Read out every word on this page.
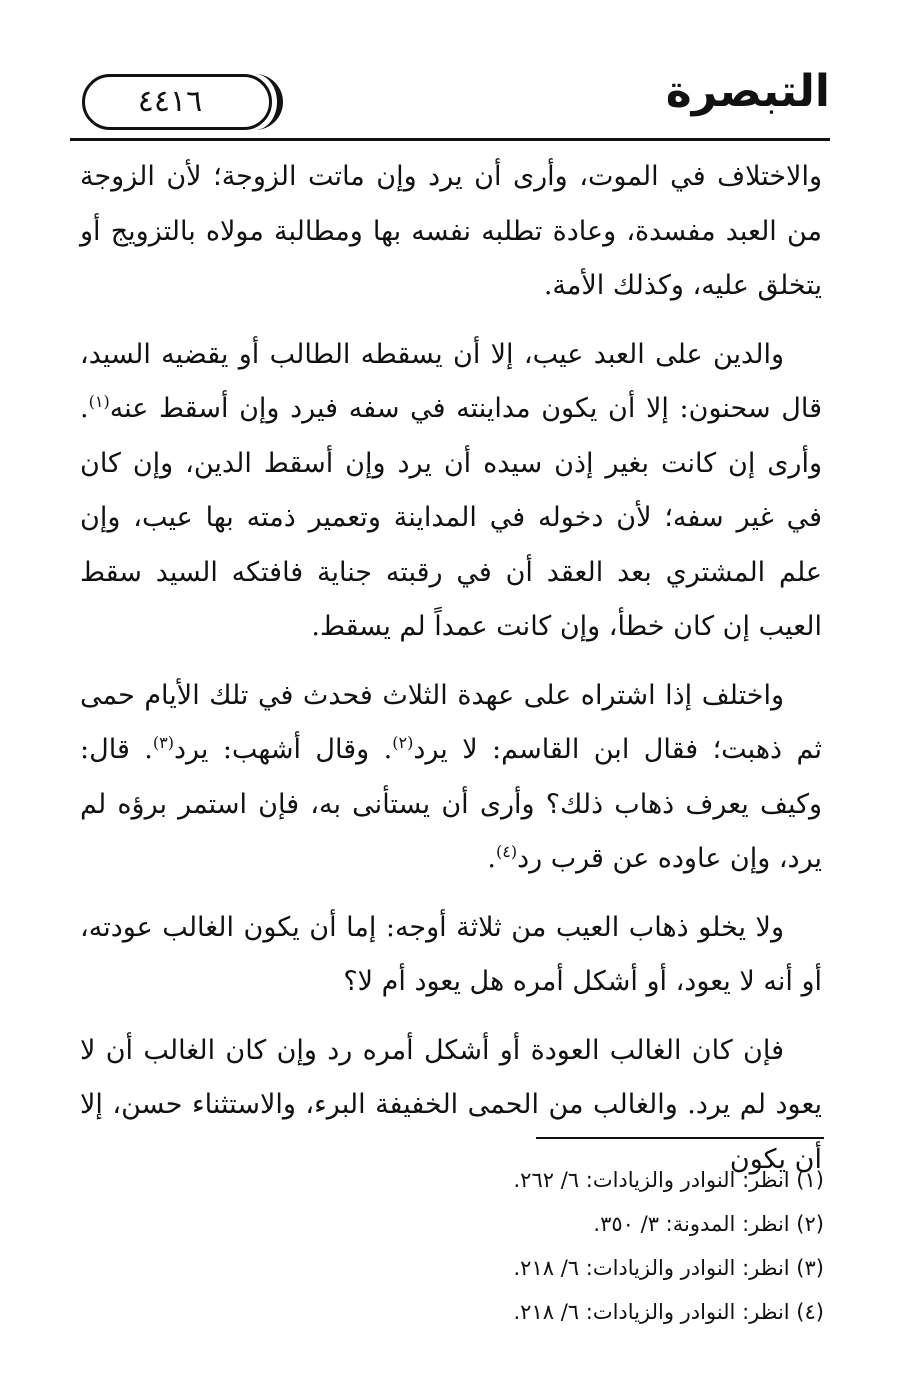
التبصرة
٤٤١٦

والاختلاف في الموت، وأرى أن يرد وإن ماتت الزوجة؛ لأن الزوجة من العبد مفسدة، وعادة تطلبه نفسه بها ومطالبة مولاه بالتزويج أو يتخلق عليه، وكذلك الأمة.

والدين على العبد عيب، إلا أن يسقطه الطالب أو يقضيه السيد، قال سحنون: إلا أن يكون مداينته في سفه فيرد وإن أسقط عنه$^{(١)}$. وأرى إن كانت بغير إذن سيده أن يرد وإن أسقط الدين، وإن كان في غير سفه؛ لأن دخوله في المداينة وتعمير ذمته بها عيب، وإن علم المشتري بعد العقد أن في رقبته جناية فافتكه السيد سقط العيب إن كان خطأ، وإن كانت عمداً لم يسقط.

واختلف إذا اشتراه على عهدة الثلاث فحدث في تلك الأيام حمى ثم ذهبت؛ فقال ابن القاسم: لا يرد$^{(٢)}$. وقال أشهب: يرد$^{(٣)}$. قال: وكيف يعرف ذهاب ذلك؟ وأرى أن يستأنى به، فإن استمر برؤه لم يرد، وإن عاوده عن قرب رد$^{(٤)}$.

ولا يخلو ذهاب العيب من ثلاثة أوجه: إما أن يكون الغالب عودته، أو أنه لا يعود، أو أشكل أمره هل يعود أم لا؟

فإن كان الغالب العودة أو أشكل أمره رد وإن كان الغالب أن لا يعود لم يرد. والغالب من الحمى الخفيفة البرء، والاستثناء حسن، إلا أن يكون

(١) انظر: النوادر والزيادات: ٦/ ٢٦٢.

(٢) انظر: المدونة: ٣/ ٣٥٠.

(٣) انظر: النوادر والزيادات: ٦/ ٢١٨.

(٤) انظر: النوادر والزيادات: ٦/ ٢١٨.
